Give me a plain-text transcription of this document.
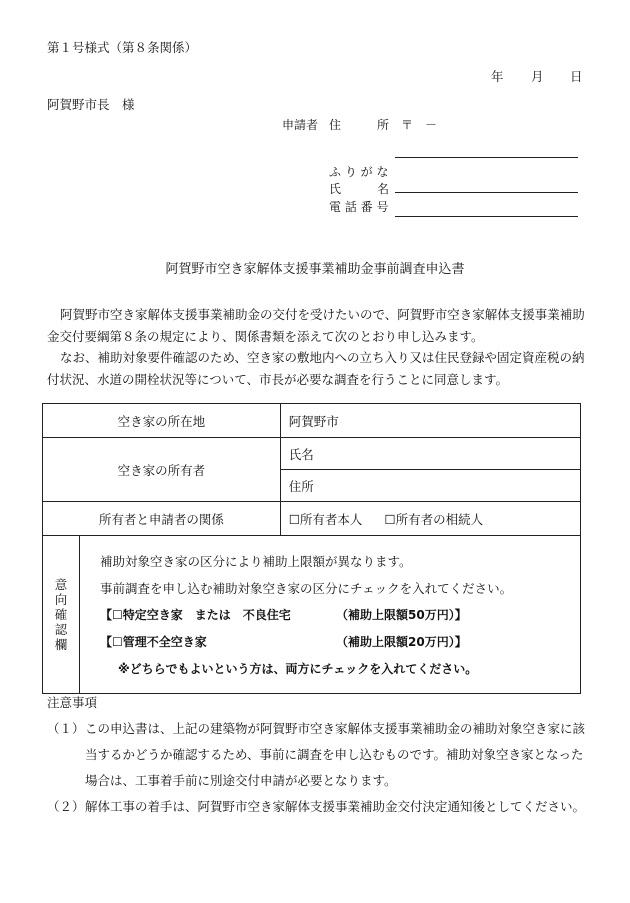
第１号様式（第８条関係）
年 月 日
阿賀野市長　様
申請者 住　　　所 〒　－
ふ り が な
氏　　　名
電 話 番 号
阿賀野市空き家解体支援事業補助金事前調査申込書

阿賀野市空き家解体支援事業補助金の交付を受けたいので、阿賀野市空き家解体支援事業補助金交付要綱第８条の規定により、関係書類を添えて次のとおり申し込みます。

なお、補助対象要件確認のため、空き家の敷地内への立ち入り又は住民登録や固定資産税の納付状況、水道の開栓状況等について、市長が必要な調査を行うことに同意します。

空き家の所在地		阿賀野市
空き家の所有者		氏名
		住所
所有者と申請者の関係		☐所有者本人 ☐所有者の相続人
意向確認欄	補助対象空き家の区分により補助上限額が異なります。
事前調査を申し込む補助対象空き家の区分にチェックを入れてください。
【☐特定空き家　または　不良住宅 （補助上限額50万円）】
【☐管理不全空き家 （補助上限額20万円）】
※どちらでもよいという方は、両方にチェックを入れてください。	
注意事項
（１） この申込書は、上記の建築物が阿賀野市空き家解体支援事業補助金の補助対象空き家に該当するかどうか確認するため、事前に調査を申し込むものです。補助対象空き家となった場合は、工事着手前に別途交付申請が必要となります。
（２） 解体工事の着手は、阿賀野市空き家解体支援事業補助金交付決定通知後としてください。
